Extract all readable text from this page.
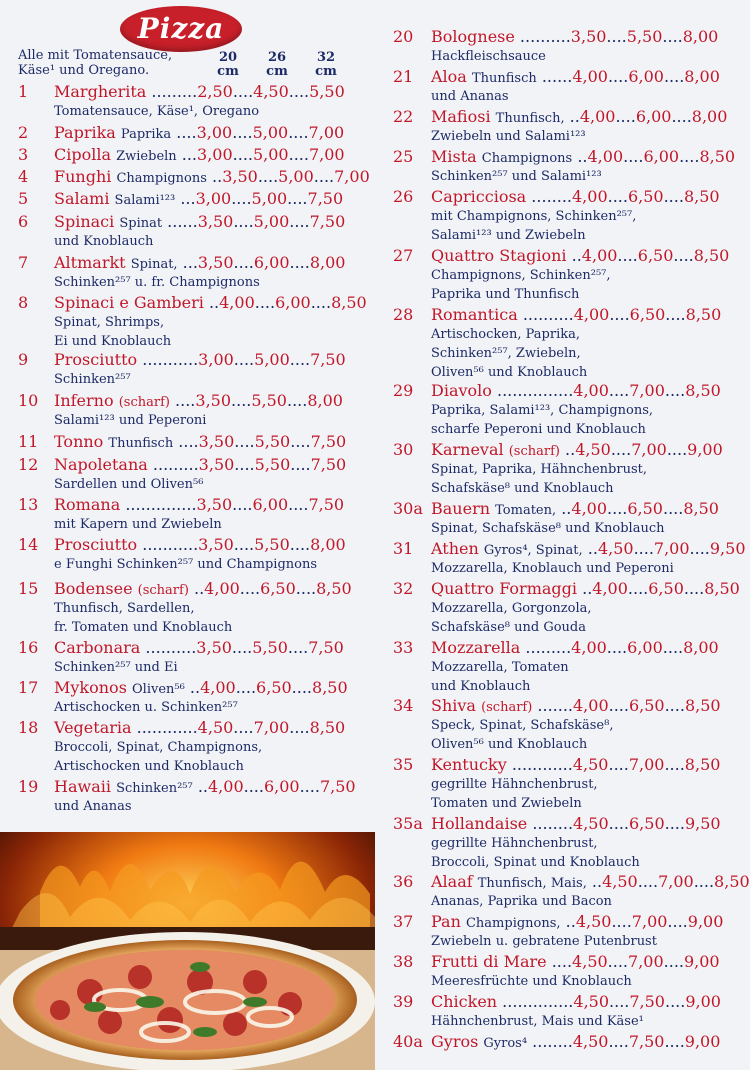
Pizza
Alle mit Tomatensauce, Käse¹ und Oregano.
20
cm
26
cm
32
cm
1 Margherita .........2,50....4,50....5,50
Tomatensauce, Käse¹, Oregano
2 Paprika Paprika ....3,00....5,00....7,00
3 Cipolla Zwiebeln ...3,00....5,00....7,00
4 Funghi Champignons ..3,50....5,00....7,00
5 Salami Salami¹²³ ...3,00....5,00....7,50
6 Spinaci Spinat ......3,50....5,00....7,50
und Knoblauch
7 Altmarkt Spinat, ...3,50....6,00....8,00
Schinken²⁵⁷ u. fr. Champignons
8 Spinaci e Gamberi ..4,00....6,00....8,50
Spinat, Shrimps,
Ei und Knoblauch
9 Prosciutto ...........3,00....5,00....7,50
Schinken²⁵⁷
10 Inferno (scharf) ....3,50....5,50....8,00
Salami¹²³ und Peperoni
11 Tonno Thunfisch ....3,50....5,50....7,50
12 Napoletana .........3,50....5,50....7,50
Sardellen und Oliven⁵⁶
13 Romana ..............3,50....6,00....7,50
mit Kapern und Zwiebeln
14 Prosciutto ...........3,50....5,50....8,00
e Funghi Schinken²⁵⁷ und Champignons
15 Bodensee (scharf) ..4,00....6,50....8,50
Thunfisch, Sardellen,
fr. Tomaten und Knoblauch
16 Carbonara ..........3,50....5,50....7,50
Schinken²⁵⁷ und Ei
17 Mykonos Oliven⁵⁶ ..4,00....6,50....8,50
Artischocken u. Schinken²⁵⁷
18 Vegetaria ............4,50....7,00....8,50
Broccoli, Spinat, Champignons,
Artischocken und Knoblauch
19 Hawaii Schinken²⁵⁷ ..4,00....6,00....7,50
und Ananas
20 Bolognese ..........3,50....5,50....8,00
Hackfleischsauce
21 Aloa Thunfisch ......4,00....6,00....8,00
und Ananas
22 Mafiosi Thunfisch, ..4,00....6,00....8,00
Zwiebeln und Salami¹²³
25 Mista Champignons ..4,00....6,00....8,50
Schinken²⁵⁷ und Salami¹²³
26 Capricciosa ........4,00....6,50....8,50
mit Champignons, Schinken²⁵⁷,
Salami¹²³ und Zwiebeln
27 Quattro Stagioni ..4,00....6,50....8,50
Champignons, Schinken²⁵⁷,
Paprika und Thunfisch
28 Romantica ..........4,00....6,50....8,50
Artischocken, Paprika,
Schinken²⁵⁷, Zwiebeln,
Oliven⁵⁶ und Knoblauch
29 Diavolo ...............4,00....7,00....8,50
Paprika, Salami¹²³, Champignons,
scharfe Peperoni und Knoblauch
30 Karneval (scharf) ..4,50....7,00....9,00
Spinat, Paprika, Hähnchenbrust,
Schafskäse⁸ und Knoblauch
30a Bauern Tomaten, ..4,00....6,50....8,50
Spinat, Schafskäse⁸ und Knoblauch
31 Athen Gyros⁴, Spinat, ..4,50....7,00....9,50
Mozzarella, Knoblauch und Peperoni
32 Quattro Formaggi ..4,00....6,50....8,50
Mozzarella, Gorgonzola,
Schafskäse⁸ und Gouda
33 Mozzarella .........4,00....6,00....8,00
Mozzarella, Tomaten
und Knoblauch
34 Shiva (scharf) .......4,00....6,50....8,50
Speck, Spinat, Schafskäse⁸,
Oliven⁵⁶ und Knoblauch
35 Kentucky ............4,50....7,00....8,50
gegrillte Hähnchenbrust,
Tomaten und Zwiebeln
35a Hollandaise ........4,50....6,50....9,50
gegrillte Hähnchenbrust,
Broccoli, Spinat und Knoblauch
36 Alaaf Thunfisch, Mais, ..4,50....7,00....8,50
Ananas, Paprika und Bacon
37 Pan Champignons, ..4,50....7,00....9,00
Zwiebeln u. gebratene Putenbrust
38 Frutti di Mare ....4,50....7,00....9,00
Meeresfrüchte und Knoblauch
39 Chicken ..............4,50....7,50....9,00
Hähnchenbrust, Mais und Käse¹
40a Gyros Gyros⁴ ........4,50....7,50....9,00
